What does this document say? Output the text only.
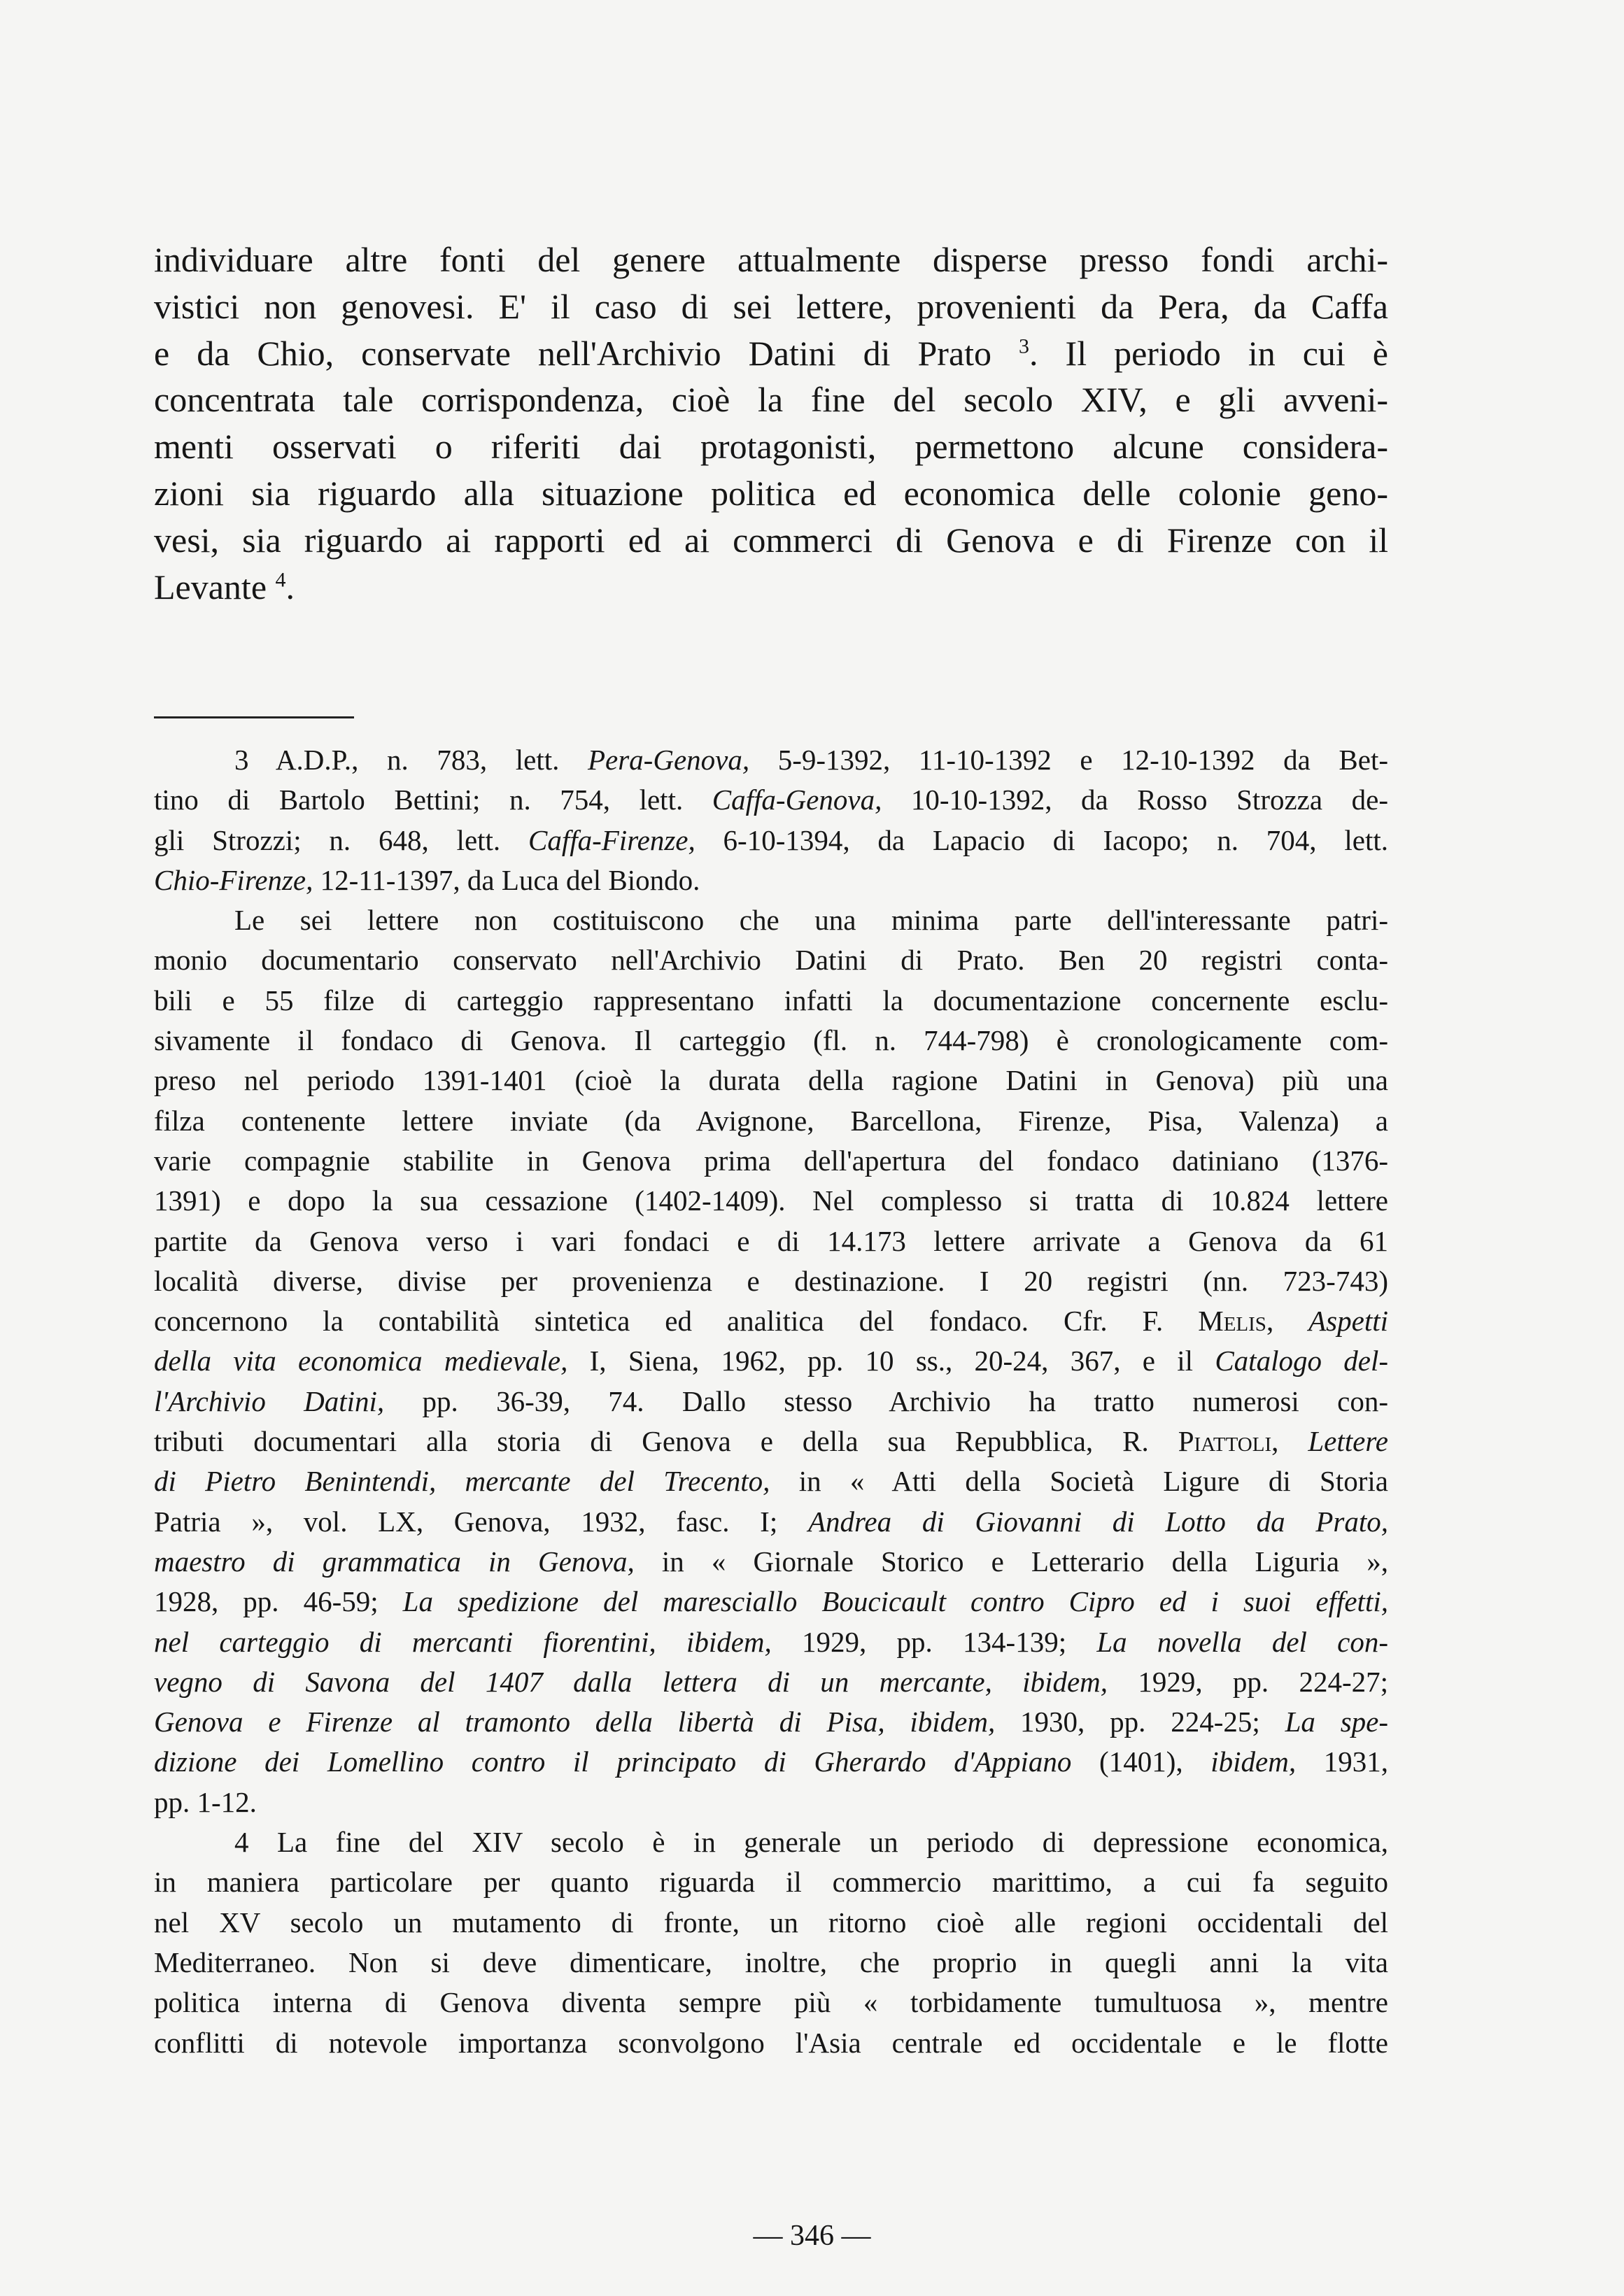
individuare altre fonti del genere attualmente disperse presso fondi archi-
vistici non genovesi. E' il caso di sei lettere, provenienti da Pera, da Caffa
e da Chio, conservate nell'Archivio Datini di Prato $^3$. Il periodo in cui è
concentrata tale corrispondenza, cioè la fine del secolo XIV, e gli avveni-
menti osservati o riferiti dai protagonisti, permettono alcune considera-
zioni sia riguardo alla situazione politica ed economica delle colonie geno-
vesi, sia riguardo ai rapporti ed ai commerci di Genova e di Firenze con il
Levante $^4$.
3 A.D.P., n. 783, lett. Pera-Genova, 5-9-1392, 11-10-1392 e 12-10-1392 da Bet-
tino di Bartolo Bettini; n. 754, lett. Caffa-Genova, 10-10-1392, da Rosso Strozza de-
gli Strozzi; n. 648, lett. Caffa-Firenze, 6-10-1394, da Lapacio di Iacopo; n. 704, lett.
Chio-Firenze, 12-11-1397, da Luca del Biondo.
Le sei lettere non costituiscono che una minima parte dell'interessante patri-
monio documentario conservato nell'Archivio Datini di Prato. Ben 20 registri conta-
bili e 55 filze di carteggio rappresentano infatti la documentazione concernente esclu-
sivamente il fondaco di Genova. Il carteggio (fl. n. 744-798) è cronologicamente com-
preso nel periodo 1391-1401 (cioè la durata della ragione Datini in Genova) più una
filza contenente lettere inviate (da Avignone, Barcellona, Firenze, Pisa, Valenza) a
varie compagnie stabilite in Genova prima dell'apertura del fondaco datiniano (1376-
1391) e dopo la sua cessazione (1402-1409). Nel complesso si tratta di 10.824 lettere
partite da Genova verso i vari fondaci e di 14.173 lettere arrivate a Genova da 61
località diverse, divise per provenienza e destinazione. I 20 registri (nn. 723-743)
concernono la contabilità sintetica ed analitica del fondaco. Cfr. F. Melis, Aspetti
della vita economica medievale, I, Siena, 1962, pp. 10 ss., 20-24, 367, e il Catalogo del-
l'Archivio Datini, pp. 36-39, 74. Dallo stesso Archivio ha tratto numerosi con-
tributi documentari alla storia di Genova e della sua Repubblica, R. Piattoli, Lettere
di Pietro Benintendi, mercante del Trecento, in « Atti della Società Ligure di Storia
Patria », vol. LX, Genova, 1932, fasc. I; Andrea di Giovanni di Lotto da Prato,
maestro di grammatica in Genova, in « Giornale Storico e Letterario della Liguria »,
1928, pp. 46-59; La spedizione del maresciallo Boucicault contro Cipro ed i suoi effetti,
nel carteggio di mercanti fiorentini, ibidem, 1929, pp. 134-139; La novella del con-
vegno di Savona del 1407 dalla lettera di un mercante, ibidem, 1929, pp. 224-27;
Genova e Firenze al tramonto della libertà di Pisa, ibidem, 1930, pp. 224-25; La spe-
dizione dei Lomellino contro il principato di Gherardo d'Appiano (1401), ibidem, 1931,
pp. 1-12.
4 La fine del XIV secolo è in generale un periodo di depressione economica,
in maniera particolare per quanto riguarda il commercio marittimo, a cui fa seguito
nel XV secolo un mutamento di fronte, un ritorno cioè alle regioni occidentali del
Mediterraneo. Non si deve dimenticare, inoltre, che proprio in quegli anni la vita
politica interna di Genova diventa sempre più « torbidamente tumultuosa », mentre
conflitti di notevole importanza sconvolgono l'Asia centrale ed occidentale e le flotte
— 346 —
